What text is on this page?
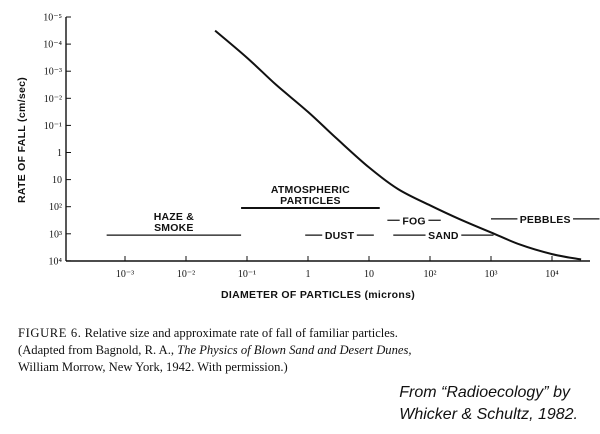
10⁻⁵
10⁻⁴
10⁻³
10⁻²
10⁻¹
1
10
10²
10³
10⁴
10⁻³	10⁻²	10⁻¹	1	10	10²	10³	10⁴
HAZE &
SMOKE
ATMOSPHERIC
PARTICLES
DUST
FOG
SAND
PEBBLES
DIAMETER OF PARTICLES (microns)
RATE OF FALL (cm/sec)
FIGURE 6. Relative size and approximate rate of fall of familiar particles.
(Adapted from Bagnold, R. A., The Physics of Blown Sand and Desert Dunes,
William Morrow, New York, 1942. With permission.)
From “Radioecology” by
Whicker & Schultz, 1982.
